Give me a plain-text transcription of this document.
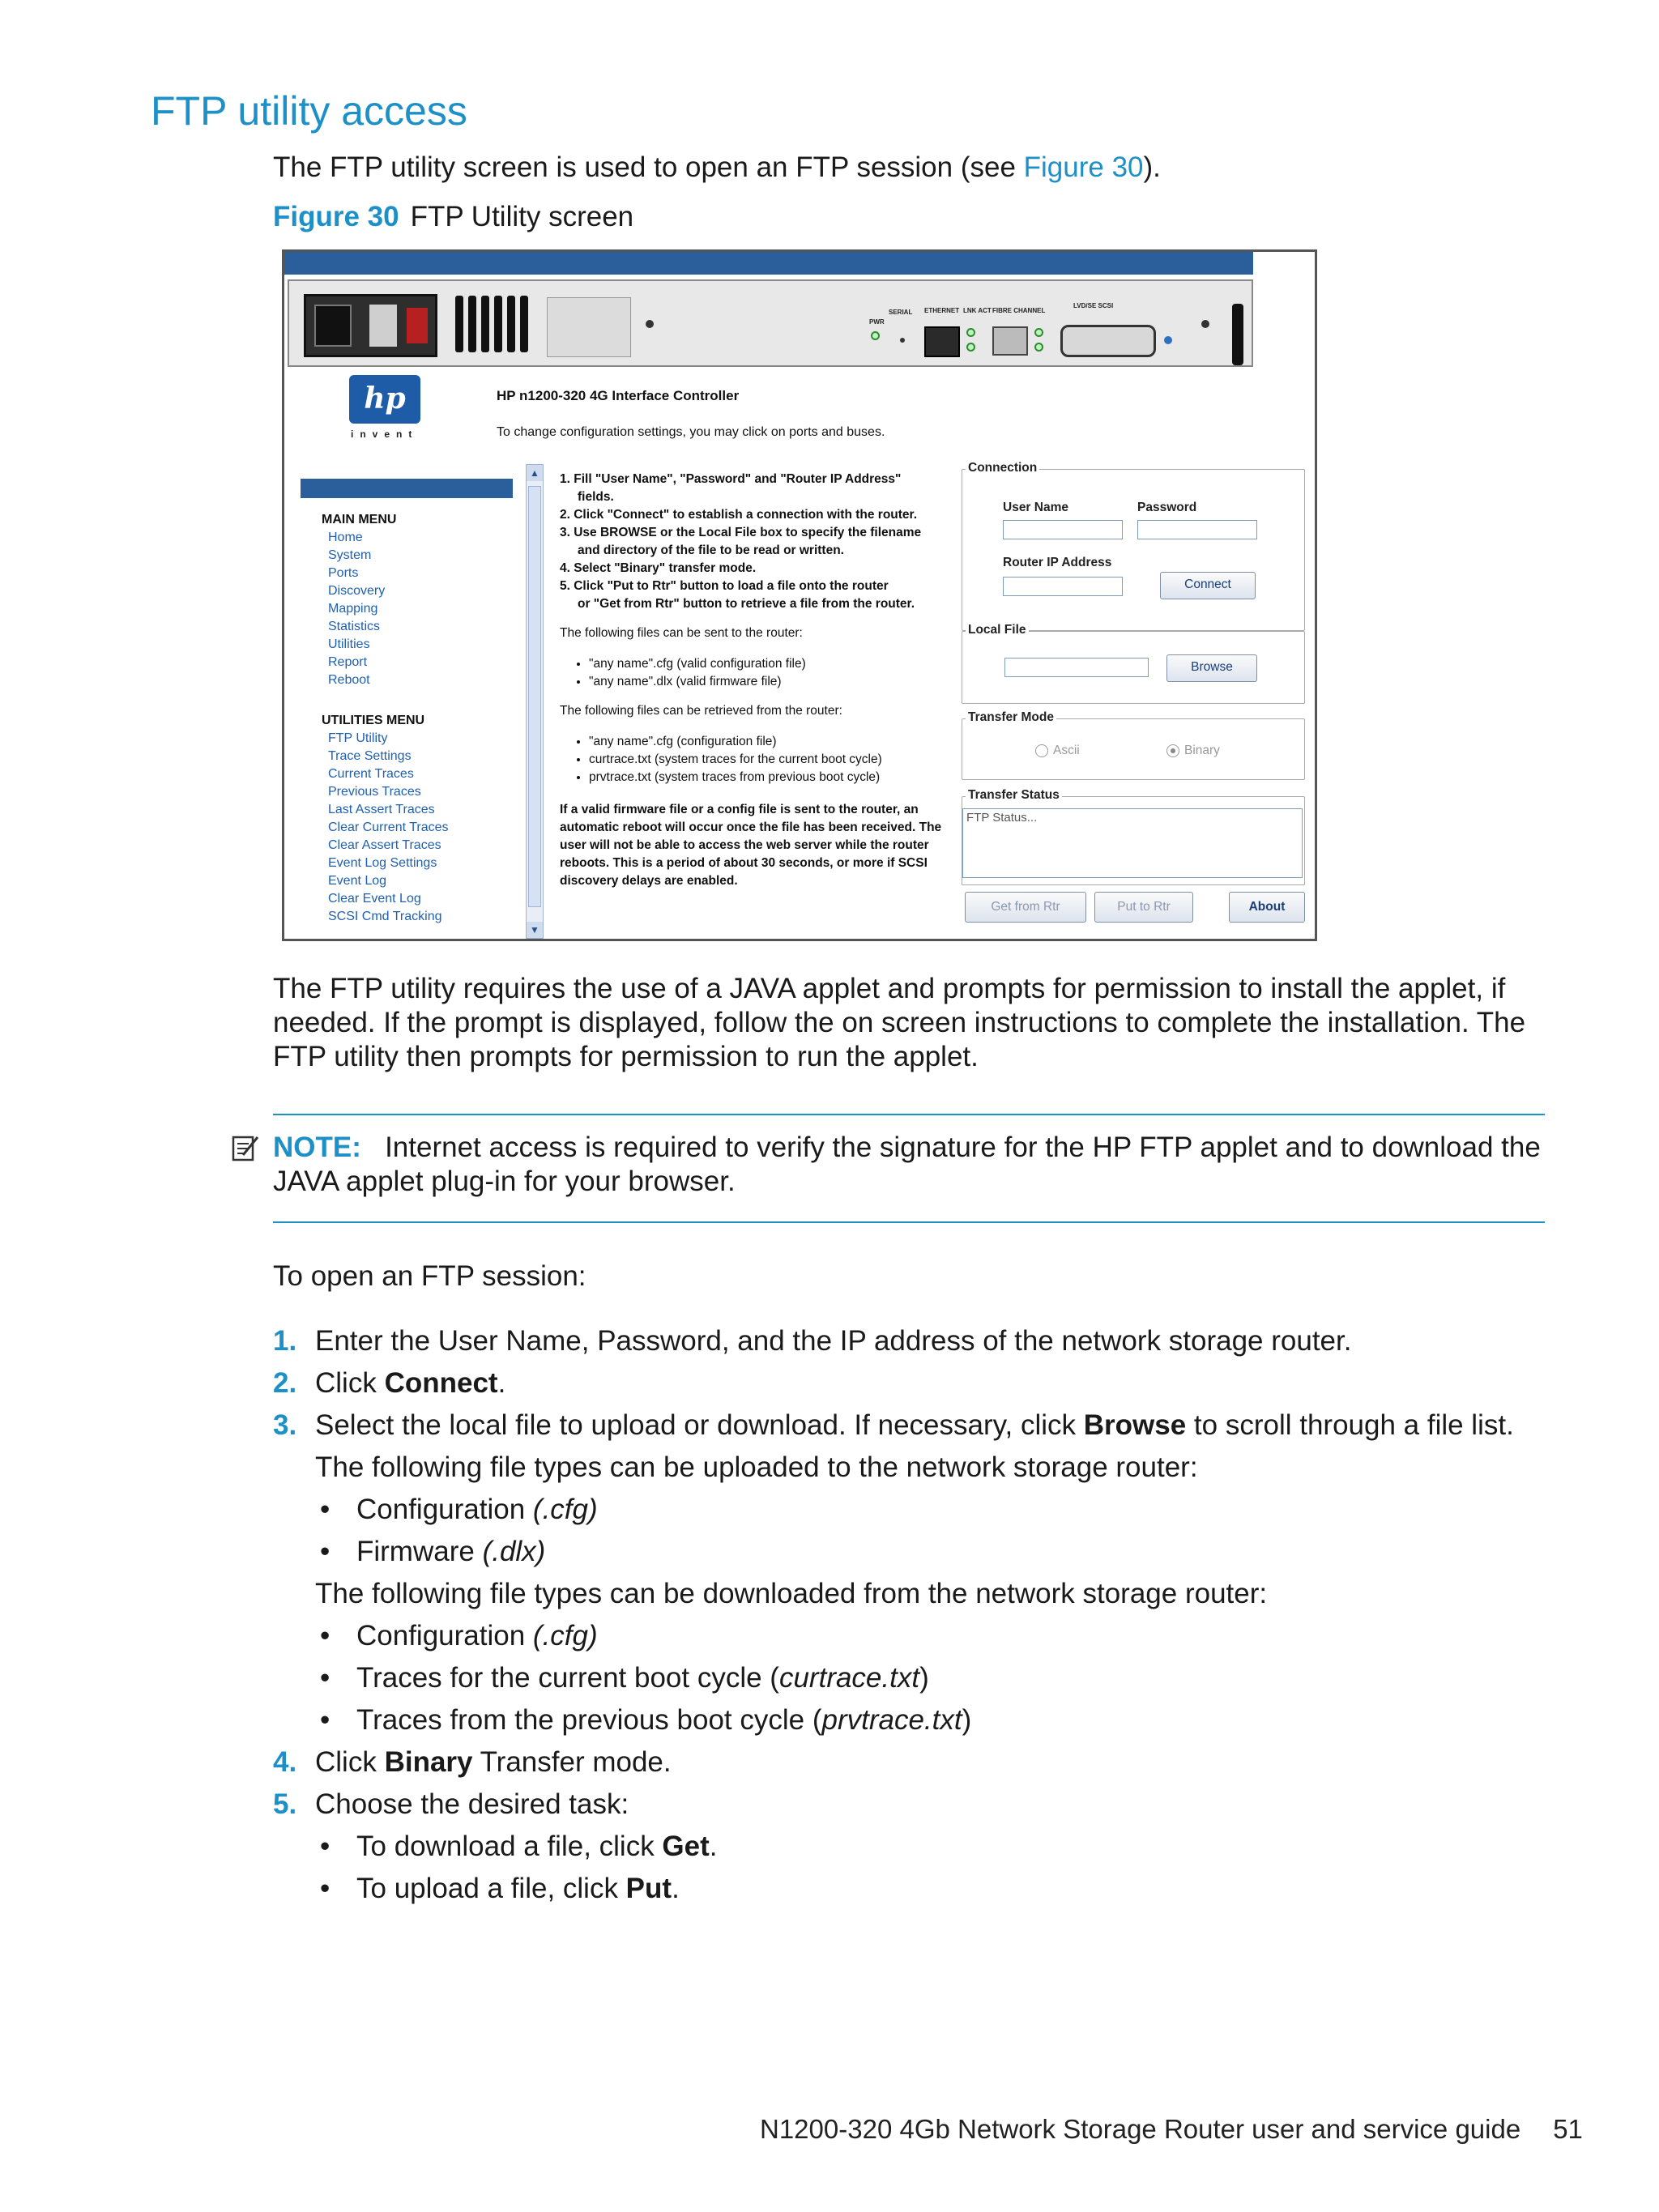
FTP utility access
The FTP utility screen is used to open an FTP session (see Figure 30).
Figure 30 FTP Utility screen
PWR
SERIAL ETHERNET LNK ACT FIBRE CHANNEL
LVD/SE SCSI
hp
invent
HP n1200-320 4G Interface Controller
To change configuration settings, you may click on ports and buses.
MAIN MENU
Home
System
Ports
Discovery
Mapping
Statistics
Utilities
Report
Reboot
UTILITIES MENU
FTP Utility
Trace Settings
Current Traces
Previous Traces
Last Assert Traces
Clear Current Traces
Clear Assert Traces
Event Log Settings
Event Log
Clear Event Log
SCSI Cmd Tracking
▲
▼
1. Fill "User Name", "Password" and "Router IP Address"
fields.
2. Click "Connect" to establish a connection with the router.
3. Use BROWSE or the Local File box to specify the filename
and directory of the file to be read or written.
4. Select "Binary" transfer mode.
5. Click "Put to Rtr" button to load a file onto the router
or "Get from Rtr" button to retrieve a file from the router.

The following files can be sent to the router:

• "any name".cfg (valid configuration file)
• "any name".dlx (valid firmware file)

The following files can be retrieved from the router:

• "any name".cfg (configuration file)
• curtrace.txt (system traces for the current boot cycle)
• prvtrace.txt (system traces from previous boot cycle)
If a valid firmware file or a config file is sent to the router, an automatic reboot will occur once the file has been received. The user will not be able to access the web server while the router reboots. This is a period of about 30 seconds, or more if SCSI discovery delays are enabled.
Connection
User Name	Password
Router IP Address
Connect
Local File
Browse
Transfer Mode
Ascii	Binary
Transfer Status
FTP Status...
Get from Rtr	Put to Rtr	About
The FTP utility requires the use of a JAVA applet and prompts for permission to install the applet, if needed. If the prompt is displayed, follow the on screen instructions to complete the installation. The FTP utility then prompts for permission to run the applet.
NOTE: Internet access is required to verify the signature for the HP FTP applet and to download the JAVA applet plug-in for your browser.
To open an FTP session:
1. Enter the User Name, Password, and the IP address of the network storage router.
2. Click Connect.
3. Select the local file to upload or download. If necessary, click Browse to scroll through a file list.
The following file types can be uploaded to the network storage router:
• Configuration (.cfg)
• Firmware (.dlx)
The following file types can be downloaded from the network storage router:
• Configuration (.cfg)
• Traces for the current boot cycle (curtrace.txt)
• Traces from the previous boot cycle (prvtrace.txt)
4. Click Binary Transfer mode.
5. Choose the desired task:
• To download a file, click Get.
• To upload a file, click Put.
N1200-320 4Gb Network Storage Router user and service guide 51
